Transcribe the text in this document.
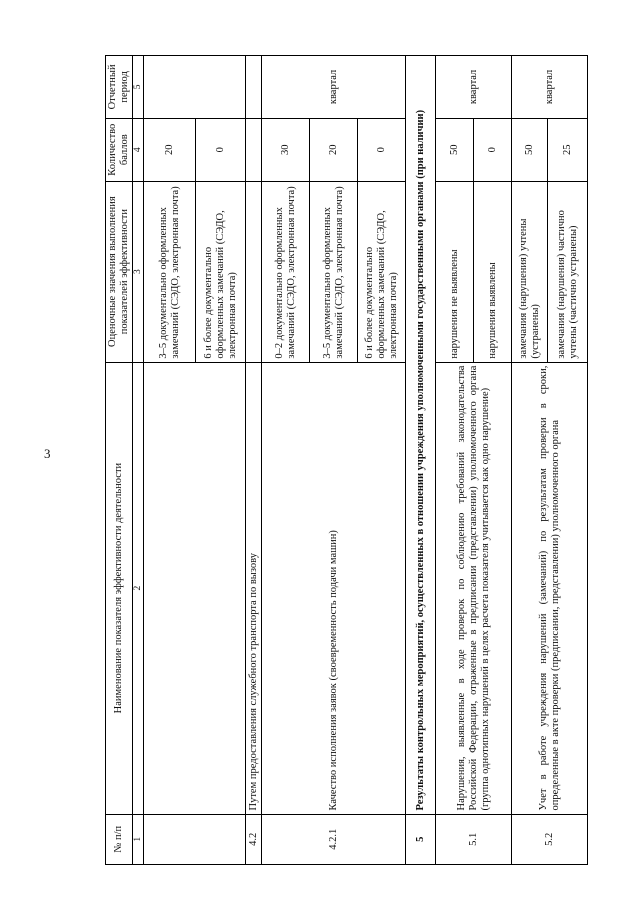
3
№ п/п	Наименование показателя эффективности деятельности	Оценочные значения выполнения показателей эффективности	Количество баллов	Отчетный период
1	2	3	4	5
		3–5 документально оформленных замечаний (СЭДО, электронная почта)	20	
		6 и более документально оформленных замечаний (СЭДО, электронная почта)	0	
4.2	Путем предоставления служебного транспорта по вызову			
4.2.1	Качество исполнения заявок (своевременность подачи машин)	0–2 документально оформленных замечаний (СЭДО, электронная почта)	30	квартал
		3–5 документально оформленных замечаний (СЭДО, электронная почта)	20	
		6 и более документально оформленных замечаний (СЭДО, электронная почта)	0	
5	Результаты контрольных мероприятий, осуществленных в отношении учреждения уполномоченными государственными органами (при наличии)			
5.1	Нарушения, выявленные в ходе проверок по соблюдению требований законодательства Российской Федерации, отраженные в предписании (представлении) уполномоченного органа (группа однотипных нарушений в целях расчета показателя учитывается как одно нарушение)	нарушения не выявлены	50	квартал
		нарушения выявлены	0	
5.2	Учет в работе учреждения нарушений (замечаний) по результатам проверки в сроки, определенные в акте проверки (предписании, представлении) уполномоченного органа	замечания (нарушения) учтены (устранены)	50	квартал
		замечания (нарушения) частично учтены (частично устранены)	25	
